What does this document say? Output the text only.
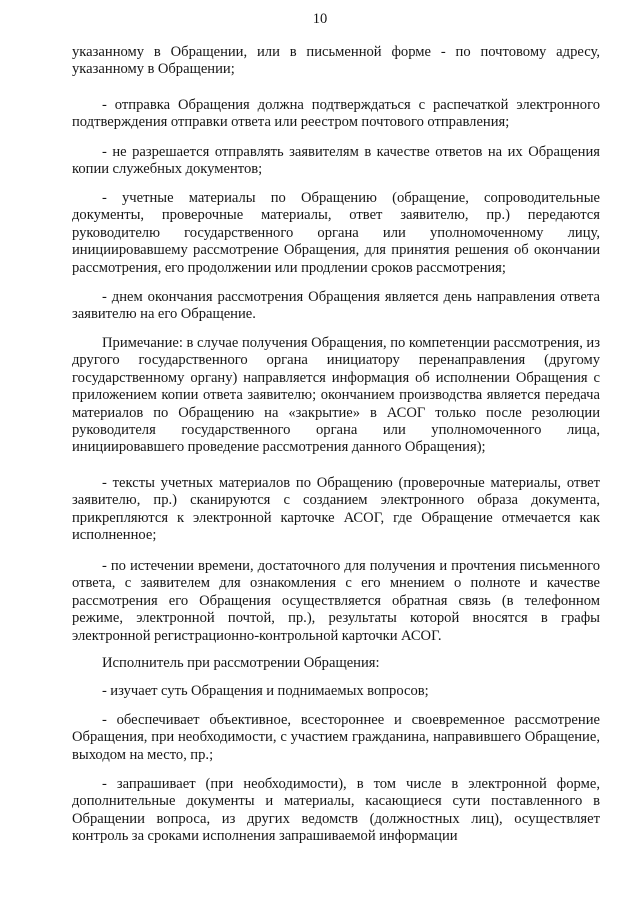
10

указанному в Обращении, или в письменной форме - по почтовому адресу, указанному в Обращении;

- отправка Обращения должна подтверждаться с распечаткой электронного подтверждения отправки ответа или реестром почтового отправления;

- не разрешается отправлять заявителям в качестве ответов на их Обращения копии служебных документов;

- учетные материалы по Обращению (обращение, сопроводительные документы, проверочные материалы, ответ заявителю, пр.) передаются руководителю государственного органа или уполномоченному лицу, инициировавшему рассмотрение Обращения, для принятия решения об окончании рассмотрения, его продолжении или продлении сроков рассмотрения;

- днем окончания рассмотрения Обращения является день направления ответа заявителю на его Обращение.

Примечание: в случае получения Обращения, по компетенции рассмотрения, из другого государственного органа инициатору перенаправления (другому государственному органу) направляется информация об исполнении Обращения с приложением копии ответа заявителю; окончанием производства является передача материалов по Обращению на «закрытие» в АСОГ только после резолюции руководителя государственного органа или уполномоченного лица, инициировавшего проведение рассмотрения данного Обращения);

- тексты учетных материалов по Обращению (проверочные материалы, ответ заявителю, пр.) сканируются с созданием электронного образа документа, прикрепляются к электронной карточке АСОГ, где Обращение отмечается как исполненное;

- по истечении времени, достаточного для получения и прочтения письменного ответа, с заявителем для ознакомления с его мнением о полноте и качестве рассмотрения его Обращения осуществляется обратная связь (в телефонном режиме, электронной почтой, пр.), результаты которой вносятся в графы электронной регистрационно-контрольной карточки АСОГ.

Исполнитель при рассмотрении Обращения:

- изучает суть Обращения и поднимаемых вопросов;

- обеспечивает объективное, всестороннее и своевременное рассмотрение Обращения, при необходимости, с участием гражданина, направившего Обращение, выходом на место, пр.;

- запрашивает (при необходимости), в том числе в электронной форме, дополнительные документы и материалы, касающиеся сути поставленного в Обращении вопроса, из других ведомств (должностных лиц), осуществляет контроль за сроками исполнения запрашиваемой информации
